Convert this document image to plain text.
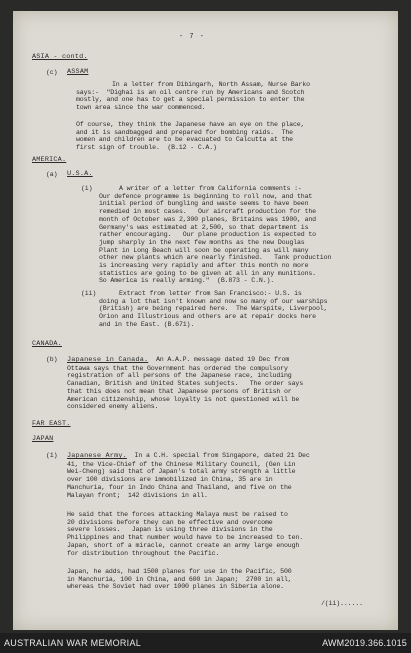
- 7 -
ASIA - contd.
(c) ASSAM
In a letter from Dibingarh, North Assam, Nurse Barko
says:-  "Dighai is an oil centre run by Americans and Scotch
mostly, and one has to get a special permission to enter the
town area since the war commenced.
Of course, they think the Japanese have an eye on the place,
and it is sandbagged and prepared for bombing raids.  The
women and children are to be evacuated to Calcutta at the
first sign of trouble.  (B.12 - C.A.)
AMERICA.
(a) U.S.A.
(i)	A writer of a letter from California comments :-
Our defence programme is beginning to roll now, and that
initial period of bungling and waste seems to have been
remedied in most cases.   Our aircraft production for the
month of October was 2,300 planes, Britains was 1900, and
Germany's was estimated at 2,500, so that department is
rather encouraging.   Our plane production is expected to
jump sharply in the next few months as the new Douglas
Plant in Long Beach will soon be operating as will many
other new plants which are nearly finished.   Tank production
is increasing very rapidly and after this month no more
statistics are going to be given at all in any munitions.
So America is really arming."  (B.873 - C.N.).
(ii)	Extract from letter from San Francisco:- U.S. is
doing a lot that isn't known and now so many of our warships
(British) are being repaired here.  The Warspite, Liverpool,
Orion and Illustrious and others are at repair docks here
and in the East. (B.671).
CANADA.
(b) Japanese in Canada. An A.A.P. message dated 19 Dec from
Ottawa says that the Government has ordered the compulsory
registration of all persons of the Japanese race, including
Canadian, British and United States subjects.   The order says
that this does not mean that Japanese persons of British or
American citizenship, whose loyalty is not questioned will be
considered enemy aliens.
FAR EAST.
JAPAN
(1) Japanese Army. In a C.H. special from Singapore, dated 21 Dec
41, the Vice-Chief of the Chinese Military Council, (Gen Lin
Wei-Cheng) said that of Japan's total army strength a little
over 100 divisions are immobilized in China, 35 are in
Manchuria, four in Indo China and Thailand, and five on the
Malayan front;  142 divisions in all.
He said that the forces attacking Malaya must be raised to
20 divisions before they can be effective and overcome
severe losses.   Japan is using three divisions in the
Philippines and that number would have to be increased to ten.
Japan, short of a miracle, cannot create an army large enough
for distribution throughout the Pacific.
Japan, he adds, had 1500 planes for use in the Pacific, 500
in Manchuria, 100 in China, and 600 in Japan;  2700 in all,
whereas the Soviet had over 1000 planes in Siberia alone.
/(ii)......
AUSTRALIAN WAR MEMORIAL	AWM2019.366.1015
